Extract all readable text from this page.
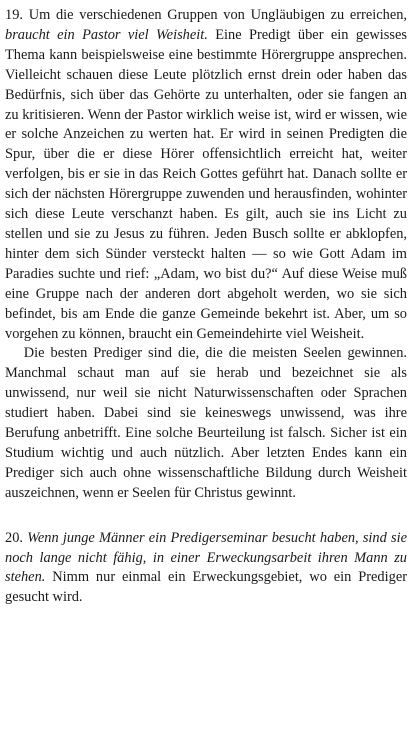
19. Um die verschiedenen Gruppen von Ungläubigen zu erreichen, braucht ein Pastor viel Weisheit. Eine Predigt über ein gewisses Thema kann beispielsweise eine bestimmte Hörergruppe ansprechen. Vielleicht schauen diese Leute plötzlich ernst drein oder haben das Bedürfnis, sich über das Gehörte zu unterhalten, oder sie fangen an zu kritisieren. Wenn der Pastor wirklich weise ist, wird er wissen, wie er solche Anzeichen zu werten hat. Er wird in seinen Predigten die Spur, über die er diese Hörer offensichtlich erreicht hat, weiter verfolgen, bis er sie in das Reich Gottes geführt hat. Danach sollte er sich der nächsten Hörergruppe zuwenden und herausfinden, wohinter sich diese Leute verschanzt haben. Es gilt, auch sie ins Licht zu stellen und sie zu Jesus zu führen. Jeden Busch sollte er abklopfen, hinter dem sich Sünder versteckt halten — so wie Gott Adam im Paradies suchte und rief: „Adam, wo bist du?“ Auf diese Weise muß eine Gruppe nach der anderen dort abgeholt werden, wo sie sich befindet, bis am Ende die ganze Gemeinde bekehrt ist. Aber, um so vorgehen zu können, braucht ein Gemeindehirte viel Weisheit.

Die besten Prediger sind die, die die meisten Seelen gewinnen. Manchmal schaut man auf sie herab und bezeichnet sie als unwissend, nur weil sie nicht Naturwissenschaften oder Sprachen studiert haben. Dabei sind sie keineswegs unwissend, was ihre Berufung anbetrifft. Eine solche Beurteilung ist falsch. Sicher ist ein Studium wichtig und auch nützlich. Aber letzten Endes kann ein Prediger sich auch ohne wissenschaftliche Bildung durch Weisheit auszeichnen, wenn er Seelen für Christus gewinnt.

20. Wenn junge Männer ein Predigerseminar besucht haben, sind sie noch lange nicht fähig, in einer Erweckungsarbeit ihren Mann zu stehen. Nimm nur einmal ein Erweckungsgebiet, wo ein Prediger gesucht wird.
